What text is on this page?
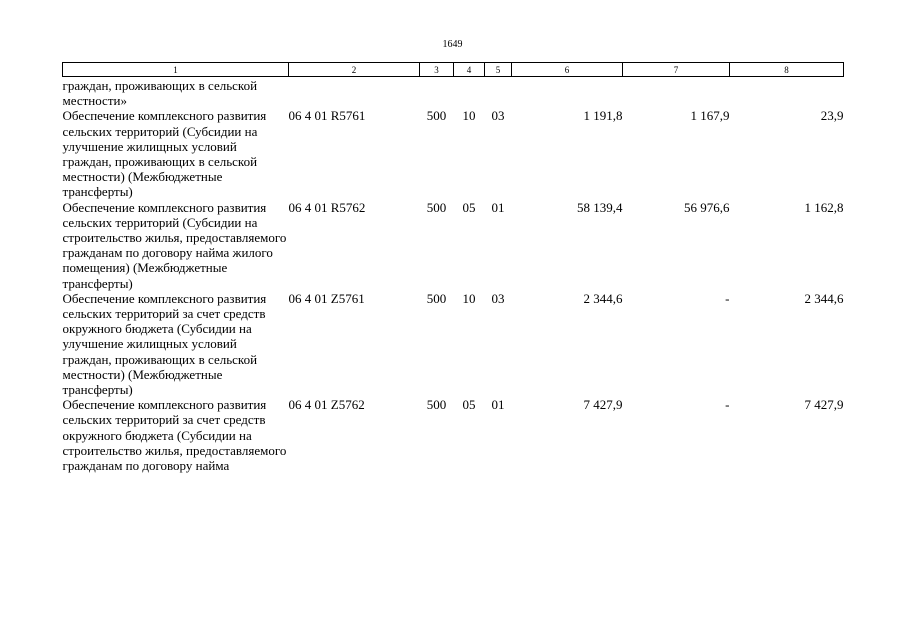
1649
1	2	3	4	5	6	7	8
граждан, проживающих в сельской местности»							
Обеспечение комплексного развития сельских территорий (Субсидии на улучшение жилищных условий граждан, проживающих в сельской местности) (Межбюджетные трансферты)	06 4 01 R5761	500	10	03	1 191,8	1 167,9	23,9
Обеспечение комплексного развития сельских территорий (Субсидии на строительство жилья, предоставляемого гражданам по договору найма жилого помещения) (Межбюджетные трансферты)	06 4 01 R5762	500	05	01	58 139,4	56 976,6	1 162,8
Обеспечение комплексного развития сельских территорий за счет средств окружного бюджета (Субсидии на улучшение жилищных условий граждан, проживающих в сельской местности) (Межбюджетные трансферты)	06 4 01 Z5761	500	10	03	2 344,6	-	2 344,6
Обеспечение комплексного развития сельских территорий за счет средств окружного бюджета (Субсидии на строительство жилья, предоставляемого гражданам по договору найма	06 4 01 Z5762	500	05	01	7 427,9	-	7 427,9
